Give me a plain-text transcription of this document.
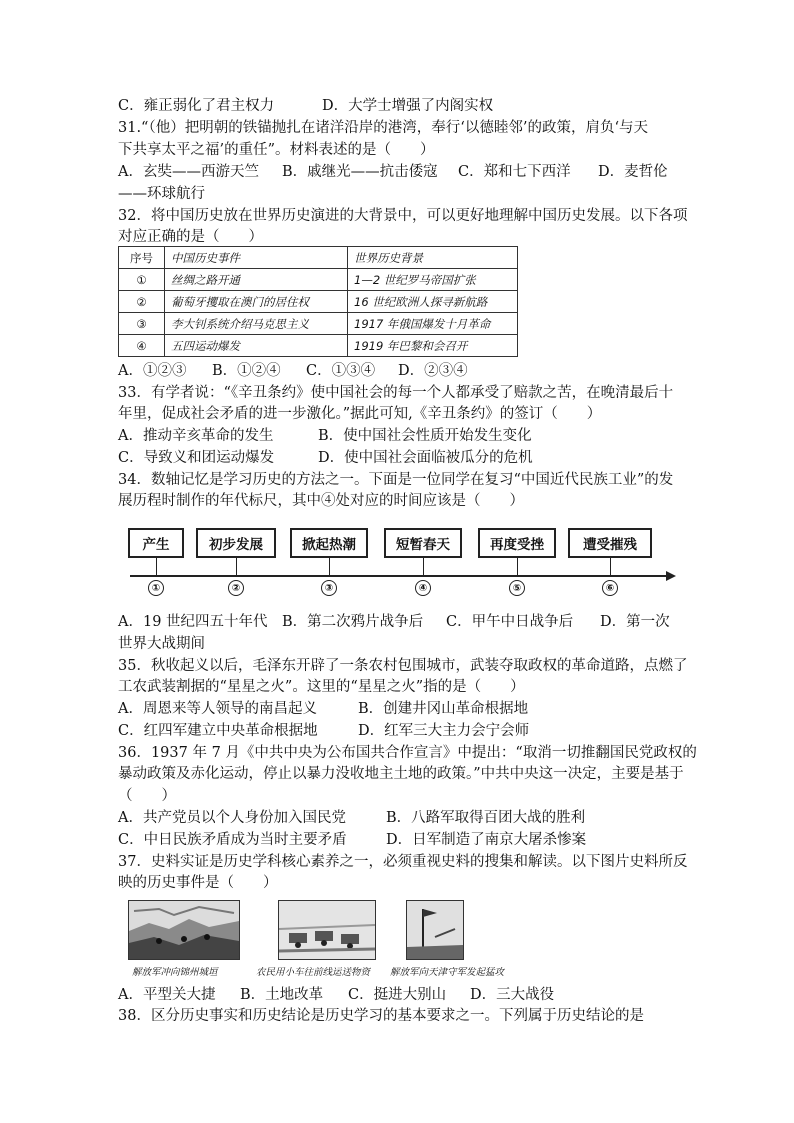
C．雍正弱化了君主权力	D．大学士增强了内阁实权
31.“（他）把明朝的铁锚抛扎在诸洋沿岸的港湾，奉行‘以德睦邻’的政策，肩负‘与天
下共享太平之福’的重任”。材料表述的是（　　）
A．玄奘——西游天竺 B．戚继光——抗击倭寇 C．郑和七下西洋 D．麦哲伦
——环球航行
32．将中国历史放在世界历史演进的大背景中，可以更好地理解中国历史发展。以下各项
对应正确的是（　　）
序号	中国历史事件	世界历史背景
①	丝绸之路开通	1—2 世纪罗马帝国扩张
②	葡萄牙攫取在澳门的居住权	16 世纪欧洲人探寻新航路
③	李大钊系统介绍马克思主义	1917 年俄国爆发十月革命
④	五四运动爆发	1919 年巴黎和会召开
A．①②③ B．①②④ C．①③④ D．②③④
33．有学者说：“《辛丑条约》使中国社会的每一个人都承受了赔款之苦，在晚清最后十
年里，促成社会矛盾的进一步激化。”据此可知,《辛丑条约》的签订（　　）
A．推动辛亥革命的发生	B．使中国社会性质开始发生变化
C．导致义和团运动爆发	D．使中国社会面临被瓜分的危机
34．数轴记忆是学习历史的方法之一。下面是一位同学在复习“中国近代民族工业”的发
展历程时制作的年代标尺，其中④处对应的时间应该是（　　）
产生	初步发展	掀起热潮	短暂春天	再度受挫	遭受摧残
①	②	③	④	⑤	⑥
A．19 世纪四五十年代 B．第二次鸦片战争后 C．甲午中日战争后 D．第一次
世界大战期间
35．秋收起义以后，毛泽东开辟了一条农村包围城市，武装夺取政权的革命道路，点燃了
工农武装割据的“星星之火”。这里的“星星之火”指的是（　　）
A．周恩来等人领导的南昌起义	B．创建井冈山革命根据地
C．红四军建立中央革命根据地	D．红军三大主力会宁会师
36．1937 年 7 月《中共中央为公布国共合作宣言》中提出：“取消一切推翻国民党政权的
暴动政策及赤化运动，停止以暴力没收地主土地的政策。”中共中央这一决定，主要是基于
（　　）
A．共产党员以个人身份加入国民党	B．八路军取得百团大战的胜利
C．中日民族矛盾成为当时主要矛盾	D．日军制造了南京大屠杀惨案
37．史料实证是历史学科核心素养之一，必须重视史料的搜集和解读。以下图片史料所反
映的历史事件是（　　）
解放军冲向锦州城垣	农民用小车往前线运送物资 解放军向天津守军发起猛攻
A．平型关大捷 B．土地改革 C．挺进大别山 D．三大战役
38．区分历史事实和历史结论是历史学习的基本要求之一。下列属于历史结论的是
